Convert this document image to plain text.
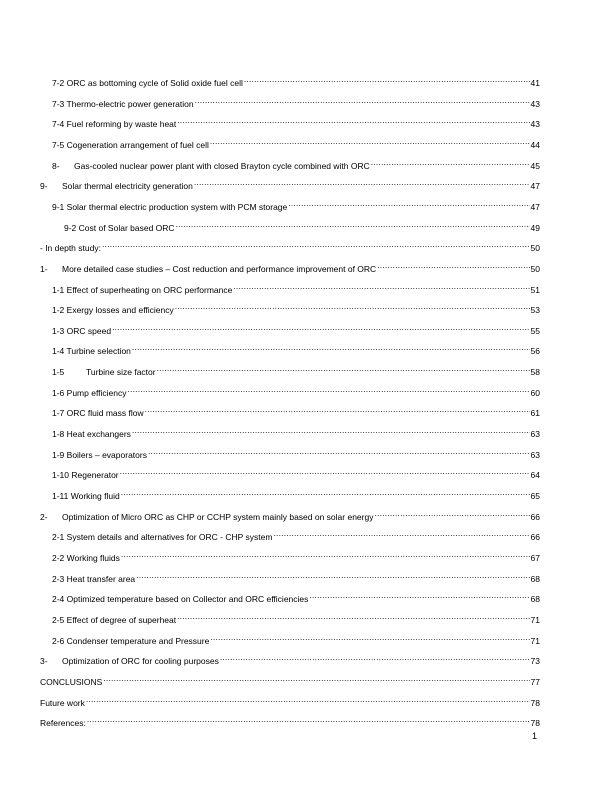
7-2 ORC as bottoming cycle of Solid oxide fuel cell .....	41
7-3 Thermo-electric power generation .....	43
7-4 Fuel reforming by waste heat .....	43
7-5 Cogeneration arrangement of fuel cell .....	44
8-	Gas-cooled nuclear power plant with closed Brayton cycle combined with ORC .....	45
9-	Solar thermal electricity generation .....	47
9-1 Solar thermal electric production system with PCM storage .....	47
9-2 Cost of Solar based ORC .....	49
- In depth study: .....	50
1-	More detailed case studies – Cost reduction and performance improvement of ORC .....	50
1-1 Effect of superheating on ORC performance .....	51
1-2 Exergy losses and efficiency .....	53
1-3 ORC speed .....	55
1-4 Turbine selection .....	56
1-5	Turbine size factor .....	58
1-6 Pump efficiency .....	60
1-7 ORC fluid mass flow .....	61
1-8 Heat exchangers .....	63
1-9 Boilers – evaporators .....	63
1-10 Regenerator .....	64
1-11 Working fluid .....	65
2-	Optimization of Micro ORC as CHP or CCHP system mainly based on solar energy .....	66
2-1 System details and alternatives for ORC - CHP system .....	66
2-2 Working fluids .....	67
2-3 Heat transfer area .....	68
2-4 Optimized temperature based on Collector and ORC efficiencies .....	68
2-5 Effect of degree of superheat .....	71
2-6 Condenser temperature and Pressure .....	71
3-	Optimization of ORC for cooling purposes .....	73
CONCLUSIONS .....	77
Future work .....	78
References: .....	78
1
